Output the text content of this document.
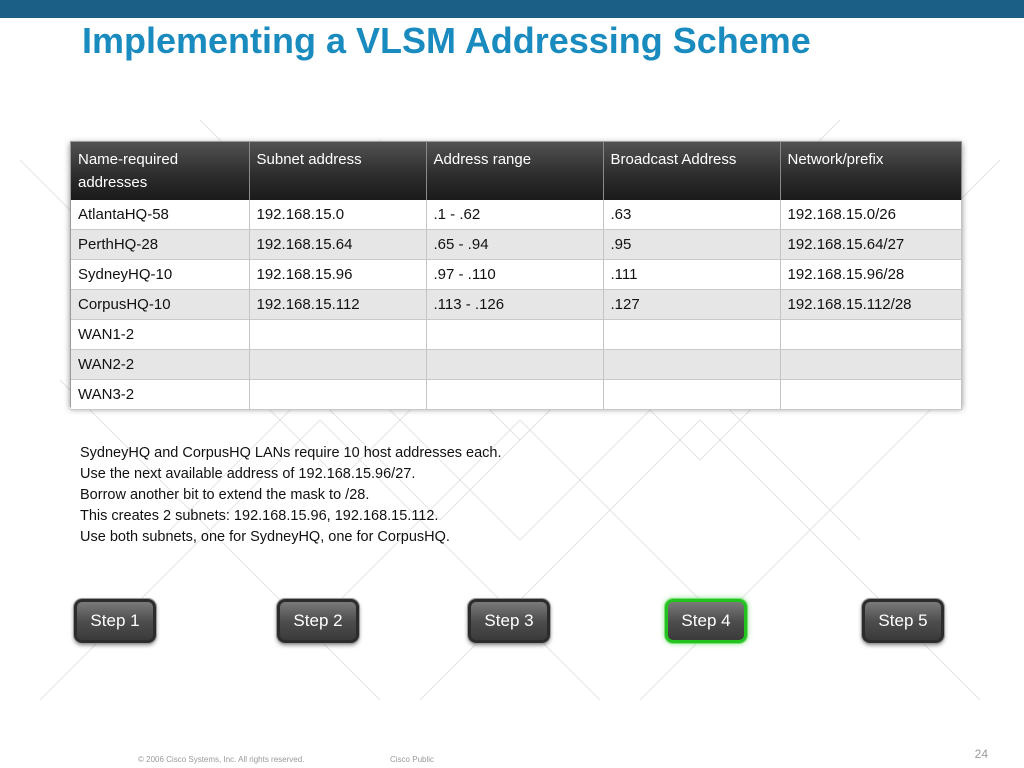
Implementing a VLSM Addressing Scheme
Name-required addresses	Subnet address	Address range	Broadcast Address	Network/prefix
AtlantaHQ-58	192.168.15.0	.1 - .62	.63	192.168.15.0/26
PerthHQ-28	192.168.15.64	.65 - .94	.95	192.168.15.64/27
SydneyHQ-10	192.168.15.96	.97 - .110	.111	192.168.15.96/28
CorpusHQ-10	192.168.15.112	.113 - .126	.127	192.168.15.112/28
WAN1-2				
WAN2-2				
WAN3-2				
SydneyHQ and CorpusHQ LANs require 10 host addresses each.
Use the next available address of 192.168.15.96/27.
Borrow another bit to extend the mask to /28.
This creates 2 subnets: 192.168.15.96, 192.168.15.112.
Use both subnets, one for SydneyHQ, one for CorpusHQ.
Step 1	Step 2	Step 3	Step 4	Step 5
© 2006 Cisco Systems, Inc. All rights reserved.	Cisco Public	24
